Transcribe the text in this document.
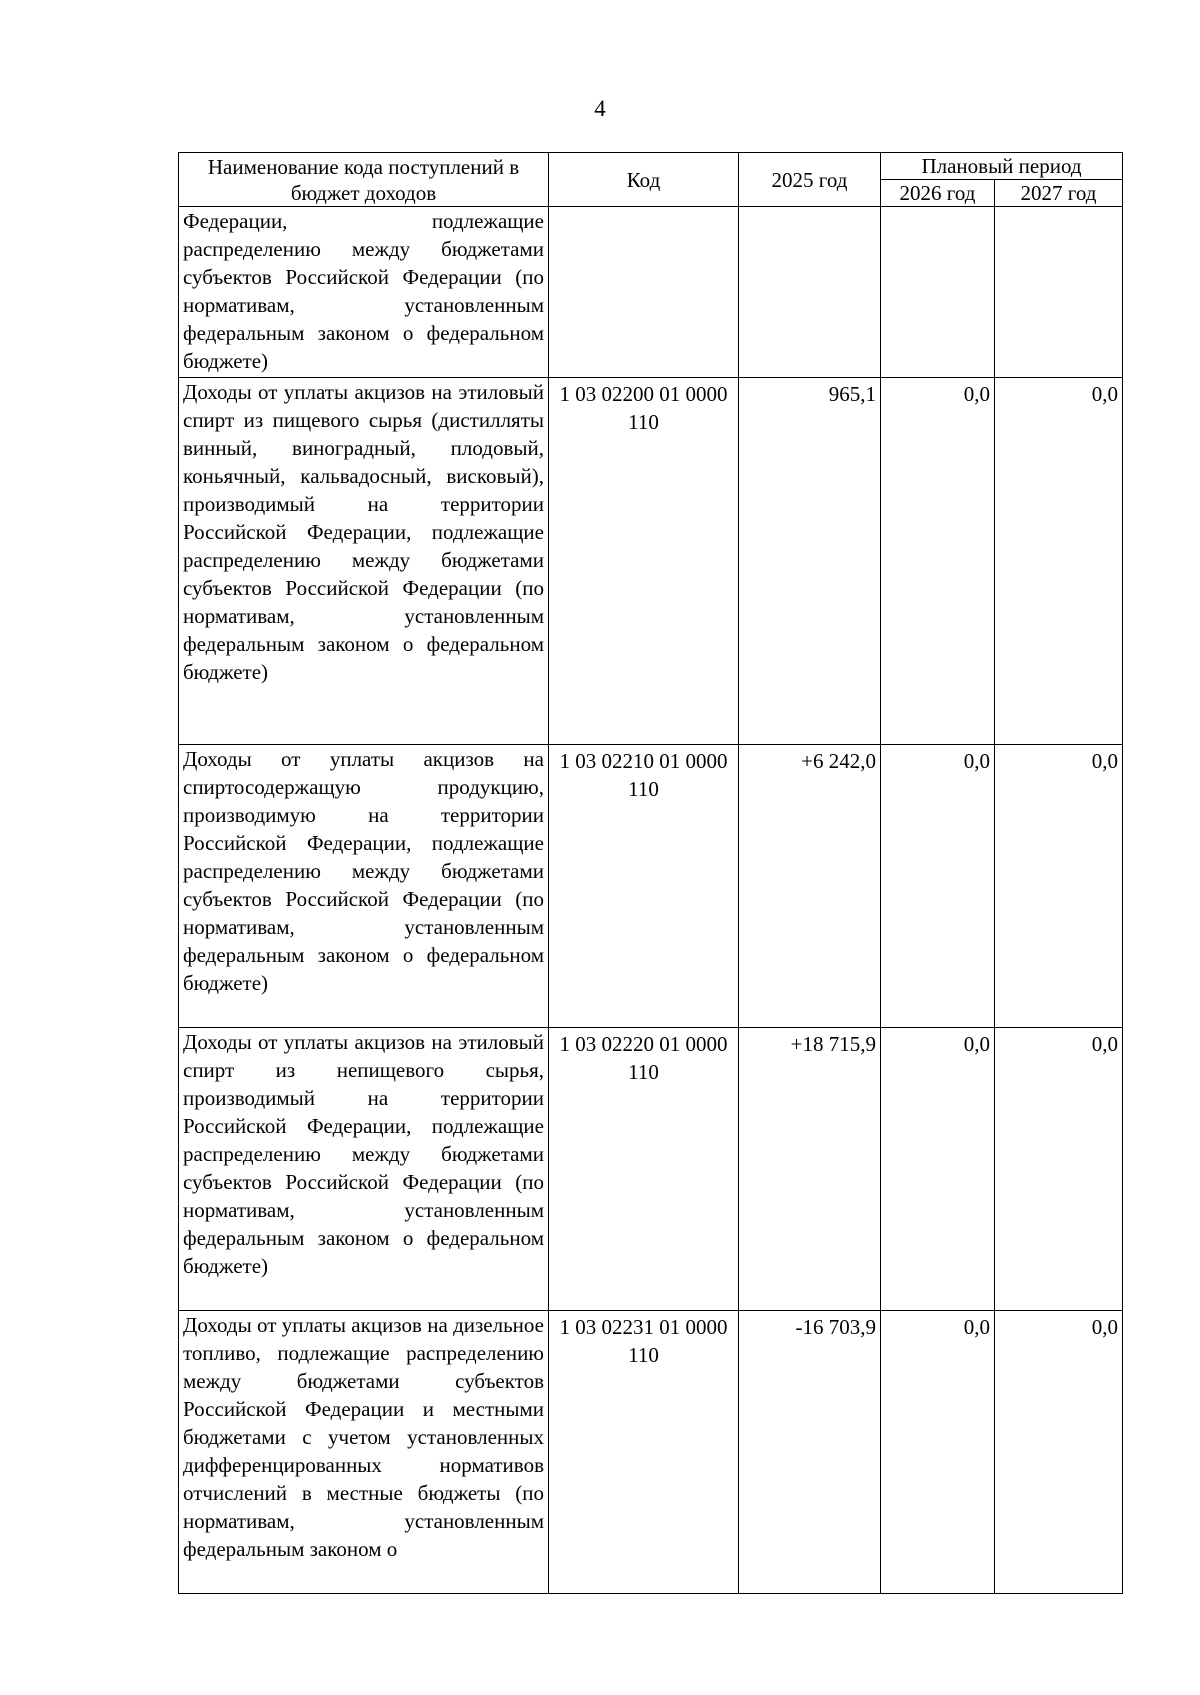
4
Наименование кода поступлений в бюджет доходов	Код	2025 год	Плановый период	
			2026 год	2027 год
Федерации, подлежащие распределению между бюджетами субъектов Российской Федерации (по нормативам, установленным федеральным законом о федеральном бюджете)				
Доходы от уплаты акцизов на этиловый спирт из пищевого сырья (дистилляты винный, виноградный, плодовый, коньячный, кальвадосный, висковый), производимый на территории Российской Федерации, подлежащие распределению между бюджетами субъектов Российской Федерации (по нормативам, установленным федеральным законом о федеральном бюджете)	1 03 02200 01 0000 110	965,1	0,0	0,0
Доходы от уплаты акцизов на спиртосодержащую продукцию, производимую на территории Российской Федерации, подлежащие распределению между бюджетами субъектов Российской Федерации (по нормативам, установленным федеральным законом о федеральном бюджете)	1 03 02210 01 0000 110	+6 242,0	0,0	0,0
Доходы от уплаты акцизов на этиловый спирт из непищевого сырья, производимый на территории Российской Федерации, подлежащие распределению между бюджетами субъектов Российской Федерации (по нормативам, установленным федеральным законом о федеральном бюджете)	1 03 02220 01 0000 110	+18 715,9	0,0	0,0
Доходы от уплаты акцизов на дизельное топливо, подлежащие распределению между бюджетами субъектов Российской Федерации и местными бюджетами с учетом установленных дифференцированных нормативов отчислений в местные бюджеты (по нормативам, установленным федеральным законом о	1 03 02231 01 0000 110	-16 703,9	0,0	0,0
